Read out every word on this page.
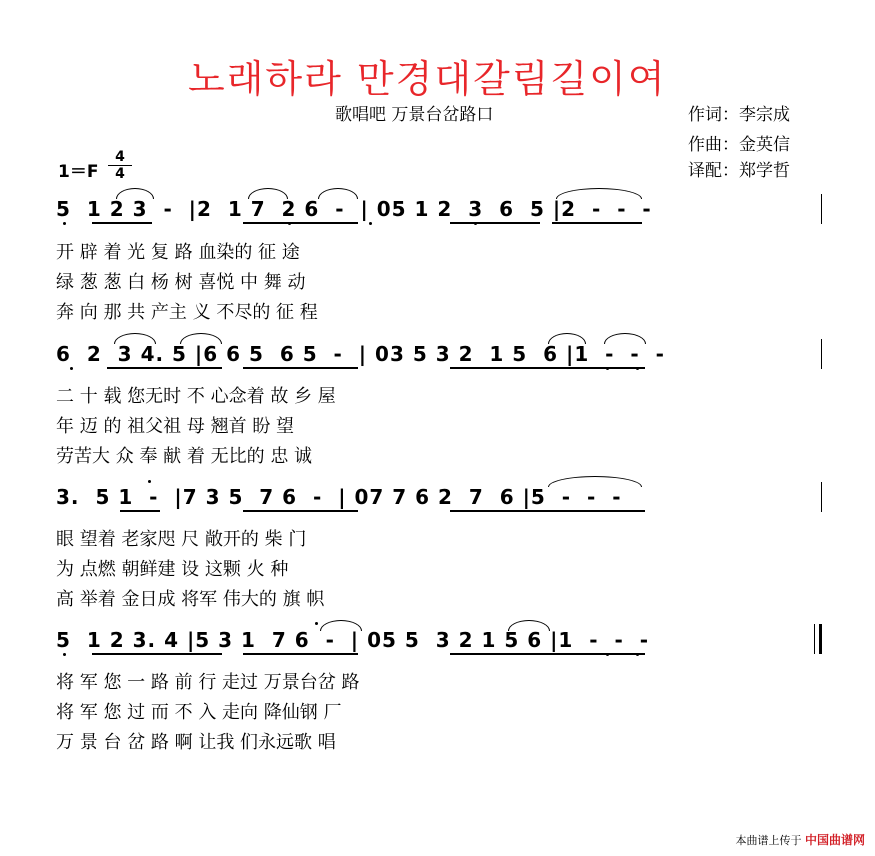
노래하라 만경대갈림길이여
歌唱吧 万景台岔路口	作词：李宗成
作曲：金英信
译配：郑学哲
1＝F
4
4
5  1 2 3  -  |2  1 7  2 6  -  | 05 1 2  3  6  5 |2  -  -  -
开 辟 着 光 复 路 血染的 征 途
绿 葱 葱 白 杨 树 喜悦 中 舞 动
奔 向 那 共 产主 义 不尽的 征 程
6  2  3 4. 5 |6 6 5  6 5  -  | 03 5 3 2  1 5  6 |1  -  -  -
二 十 载 您无时 不 心念着 故 乡 屋
年 迈 的 祖父祖 母 翘首 盼 望
劳苦大 众 奉 献 着 无比的 忠 诚
3.  5 1  -  |7 3 5  7 6  -  | 07 7 6 2  7  6 |5  -  -  -
眼 望着 老家咫 尺 敞开的 柴 门
为 点燃 朝鲜建 设 这颗 火 种
高 举着 金日成 将军 伟大的 旗 帜
5  1 2 3. 4 |5 3 1  7 6  -  | 05 5  3 2 1 5 6 |1  -  -  -
将 军 您 一 路 前 行 走过 万景台岔 路
将 军 您 过 而 不 入 走向 降仙钢 厂
万 景 台 岔 路 啊 让我 们永远歌 唱
本曲谱上传于 中国曲谱网
